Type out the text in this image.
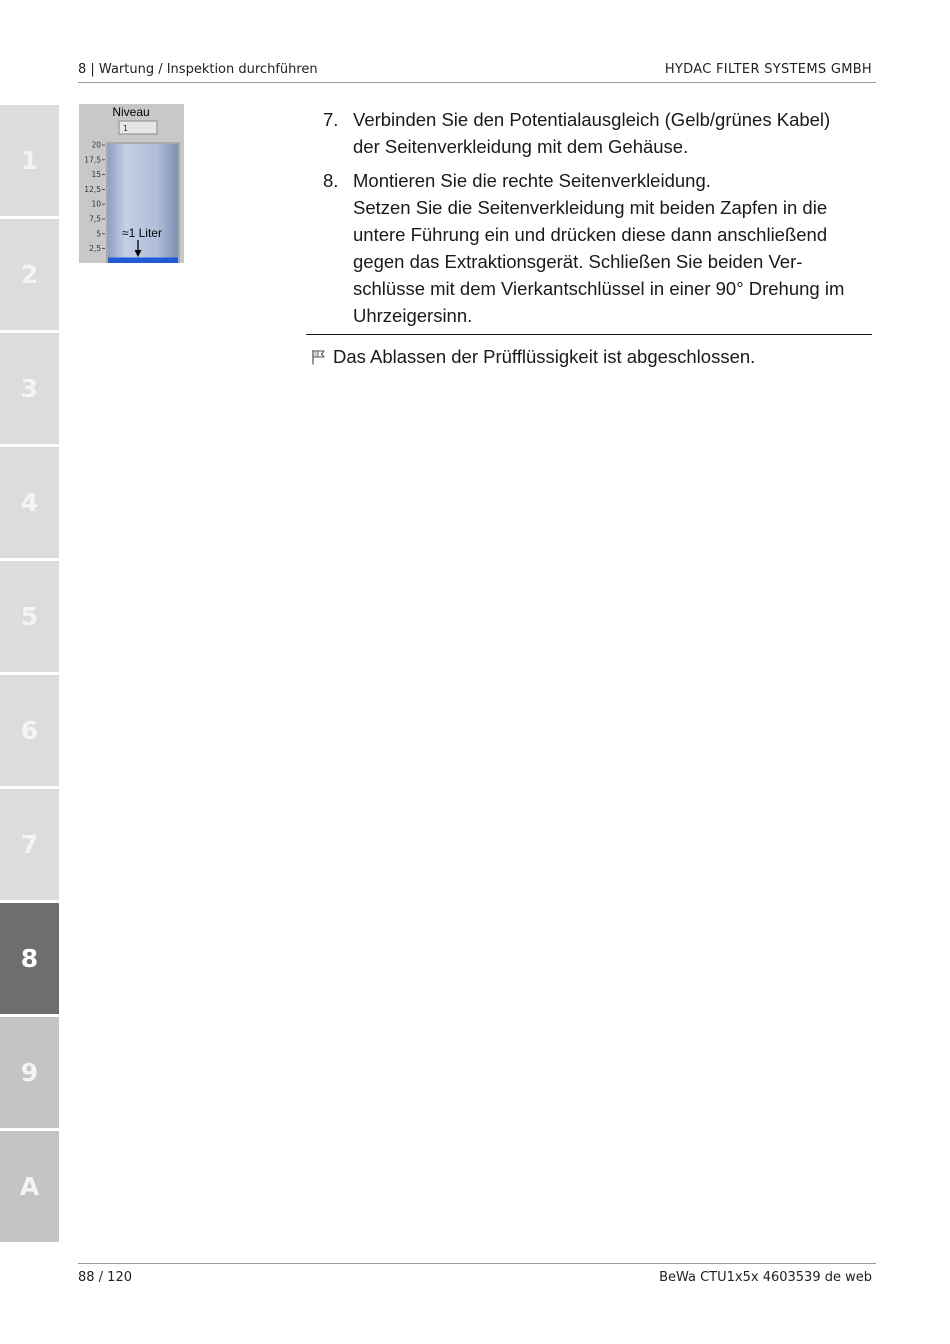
8 | Wartung / Inspektion durchführen	HYDAC FILTER SYSTEMS GMBH
1
2
3
4
5
6
7
8
9
A
Niveau
1
20
17,5
15
12,5
10
7,5
5
2,5
≈1 Liter
7. Verbinden Sie den Potentialausgleich (Gelb/grünes Kabel)
der Seitenverkleidung mit dem Gehäuse.
8. Montieren Sie die rechte Seitenverkleidung.
Setzen Sie die Seitenverkleidung mit beiden Zapfen in die
untere Führung ein und drücken diese dann anschließend
gegen das Extraktionsgerät. Schließen Sie beiden Ver-
schlüsse mit dem Vierkantschlüssel in einer 90° Drehung im
Uhrzeigersinn.
Das Ablassen der Prüfflüssigkeit ist abgeschlossen.
88 / 120	BeWa CTU1x5x 4603539 de web
